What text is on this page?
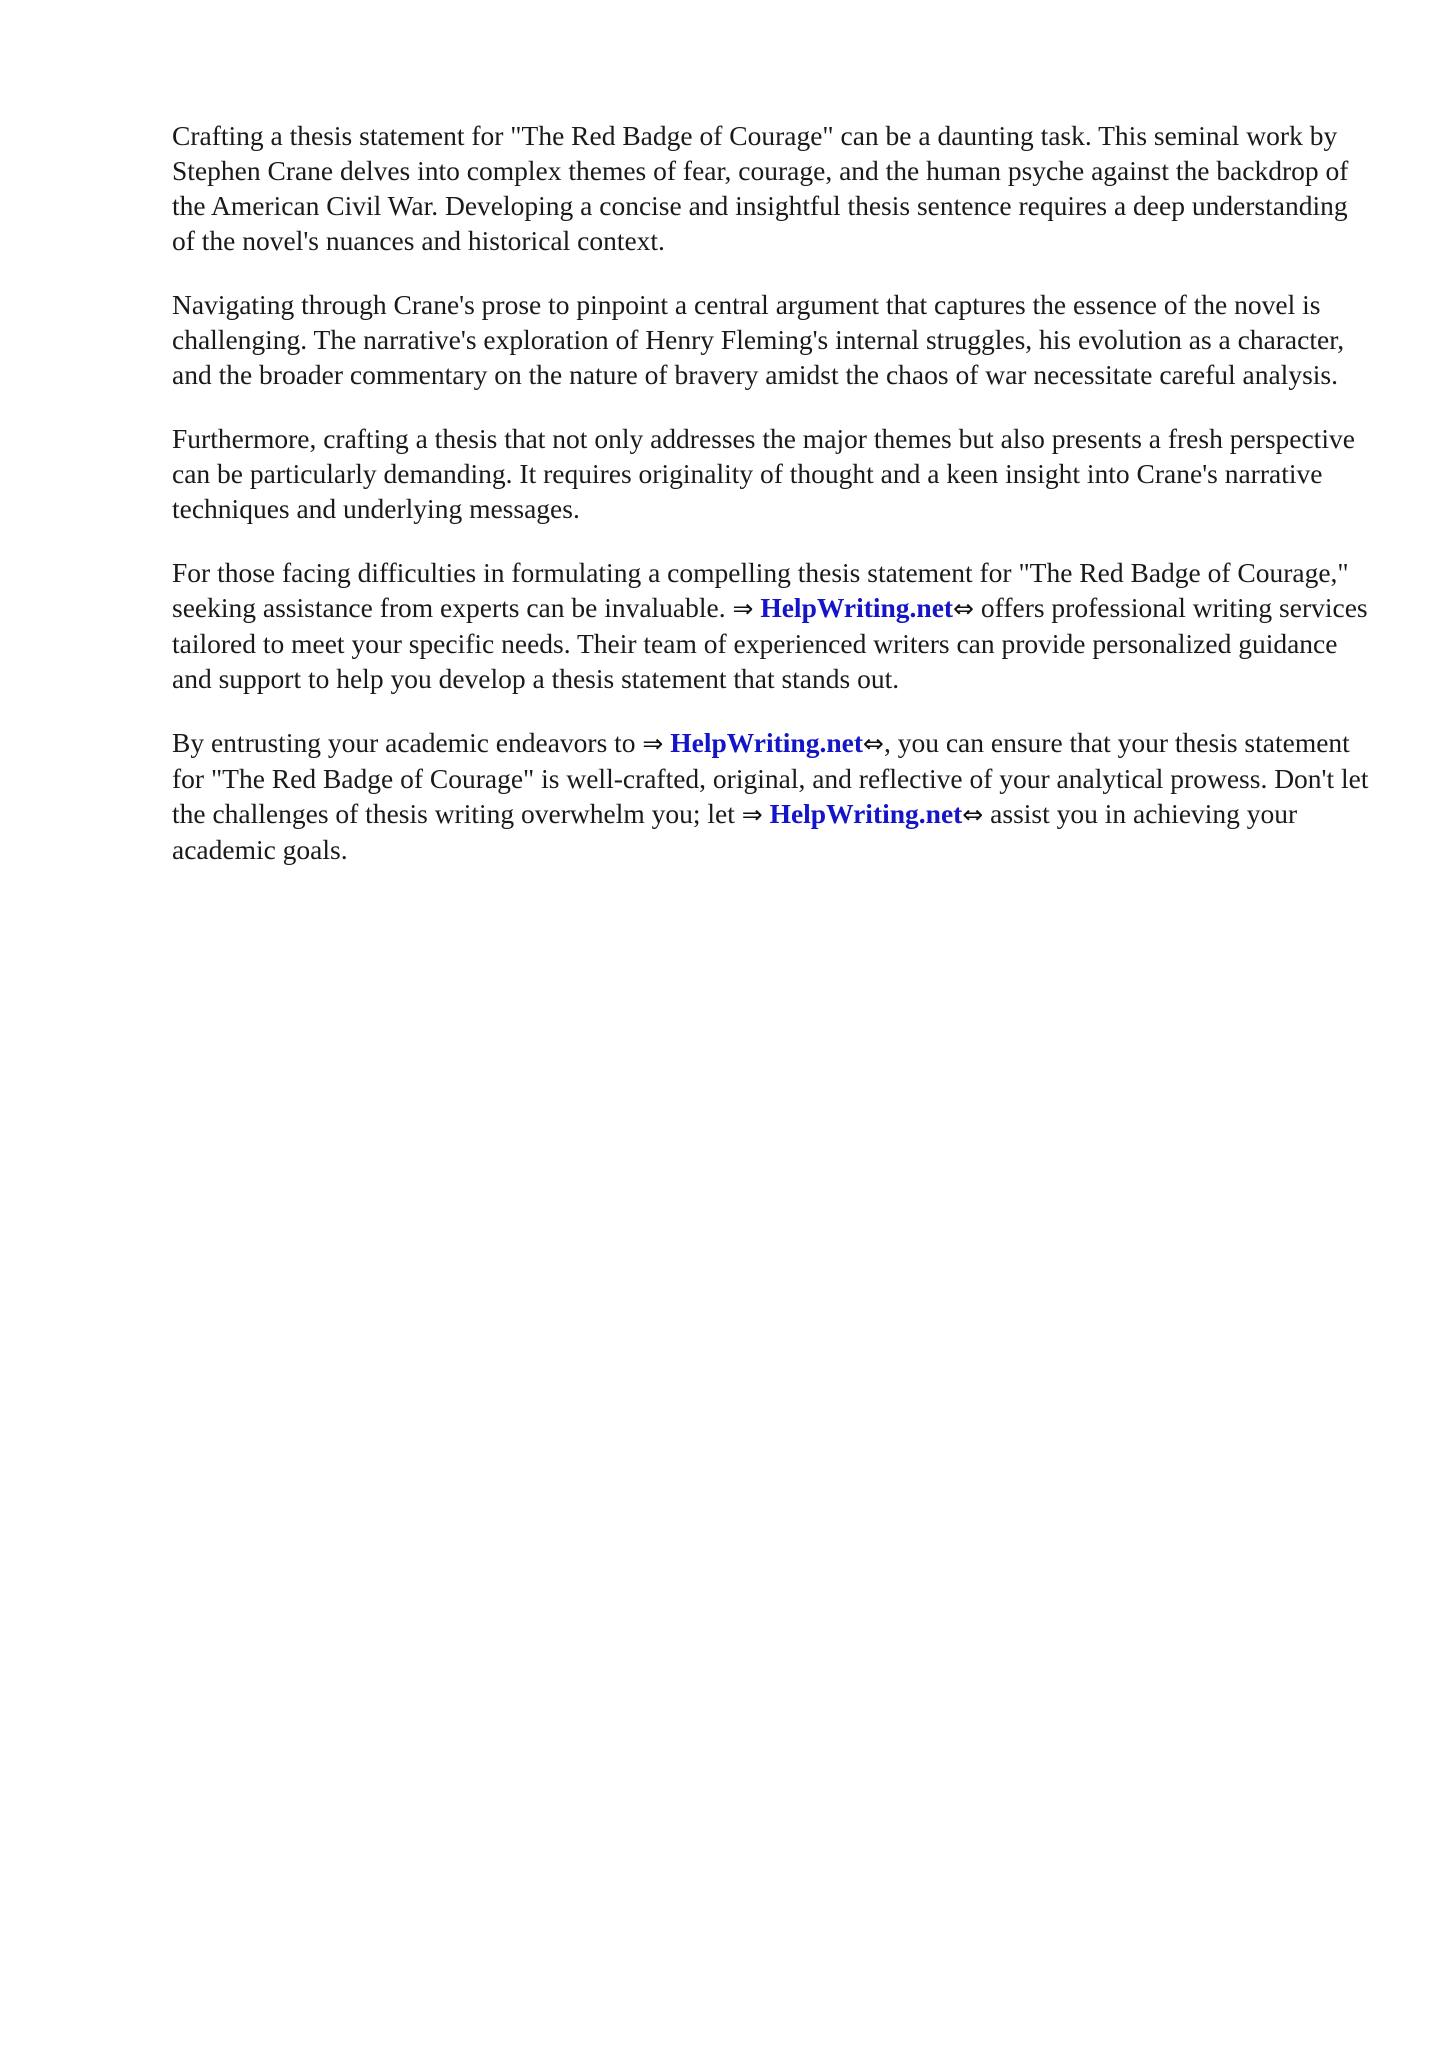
Crafting a thesis statement for "The Red Badge of Courage" can be a daunting task. This seminal work by Stephen Crane delves into complex themes of fear, courage, and the human psyche against the backdrop of the American Civil War. Developing a concise and insightful thesis sentence requires a deep understanding of the novel's nuances and historical context.

Navigating through Crane's prose to pinpoint a central argument that captures the essence of the novel is challenging. The narrative's exploration of Henry Fleming's internal struggles, his evolution as a character, and the broader commentary on the nature of bravery amidst the chaos of war necessitate careful analysis.

Furthermore, crafting a thesis that not only addresses the major themes but also presents a fresh perspective can be particularly demanding. It requires originality of thought and a keen insight into Crane's narrative techniques and underlying messages.

For those facing difficulties in formulating a compelling thesis statement for "The Red Badge of Courage," seeking assistance from experts can be invaluable. ⇒ HelpWriting.net⇔ offers professional writing services tailored to meet your specific needs. Their team of experienced writers can provide personalized guidance and support to help you develop a thesis statement that stands out.

By entrusting your academic endeavors to ⇒ HelpWriting.net⇔, you can ensure that your thesis statement for "The Red Badge of Courage" is well-crafted, original, and reflective of your analytical prowess. Don't let the challenges of thesis writing overwhelm you; let ⇒ HelpWriting.net⇔ assist you in achieving your academic goals.
